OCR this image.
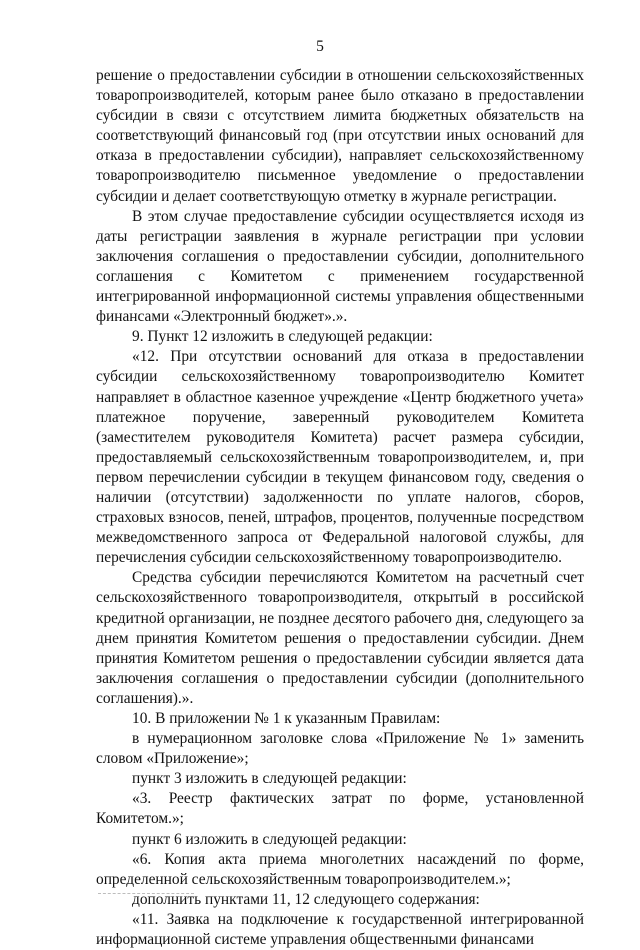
5

решение о предоставлении субсидии в отношении сельскохозяйственных товаропроизводителей, которым ранее было отказано в предоставлении субсидии в связи с отсутствием лимита бюджетных обязательств на соответствующий финансовый год (при отсутствии иных оснований для отказа в предоставлении субсидии), направляет сельскохозяйственному товаропроизводителю письменное уведомление о предоставлении субсидии и делает соответствующую отметку в журнале регистрации.

В этом случае предоставление субсидии осуществляется исходя из даты регистрации заявления в журнале регистрации при условии заключения соглашения о предоставлении субсидии, дополнительного соглашения с Комитетом с применением государственной интегрированной информационной системы управления общественными финансами «Электронный бюджет».».

9. Пункт 12 изложить в следующей редакции:

«12. При отсутствии оснований для отказа в предоставлении субсидии сельскохозяйственному товаропроизводителю Комитет направляет в областное казенное учреждение «Центр бюджетного учета» платежное поручение, заверенный руководителем Комитета (заместителем руководителя Комитета) расчет размера субсидии, предоставляемый сельскохозяйственным товаропроизводителем, и, при первом перечислении субсидии в текущем финансовом году, сведения о наличии (отсутствии) задолженности по уплате налогов, сборов, страховых взносов, пеней, штрафов, процентов, полученные посредством межведомственного запроса от Федеральной налоговой службы, для перечисления субсидии сельскохозяйственному товаропроизводителю.

Средства субсидии перечисляются Комитетом на расчетный счет сельскохозяйственного товаропроизводителя, открытый в российской кредитной организации, не позднее десятого рабочего дня, следующего за днем принятия Комитетом решения о предоставлении субсидии. Днем принятия Комитетом решения о предоставлении субсидии является дата заключения соглашения о предоставлении субсидии (дополнительного соглашения).».

10. В приложении № 1 к указанным Правилам:

в нумерационном заголовке слова «Приложение № 1» заменить словом «Приложение»;

пункт 3 изложить в следующей редакции:

«3. Реестр фактических затрат по форме, установленной Комитетом.»;

пункт 6 изложить в следующей редакции:

«6. Копия акта приема многолетних насаждений по форме, определенной сельскохозяйственным товаропроизводителем.»;

дополнить пунктами 11, 12 следующего содержания:

«11. Заявка на подключение к государственной интегрированной информационной системе управления общественными финансами
